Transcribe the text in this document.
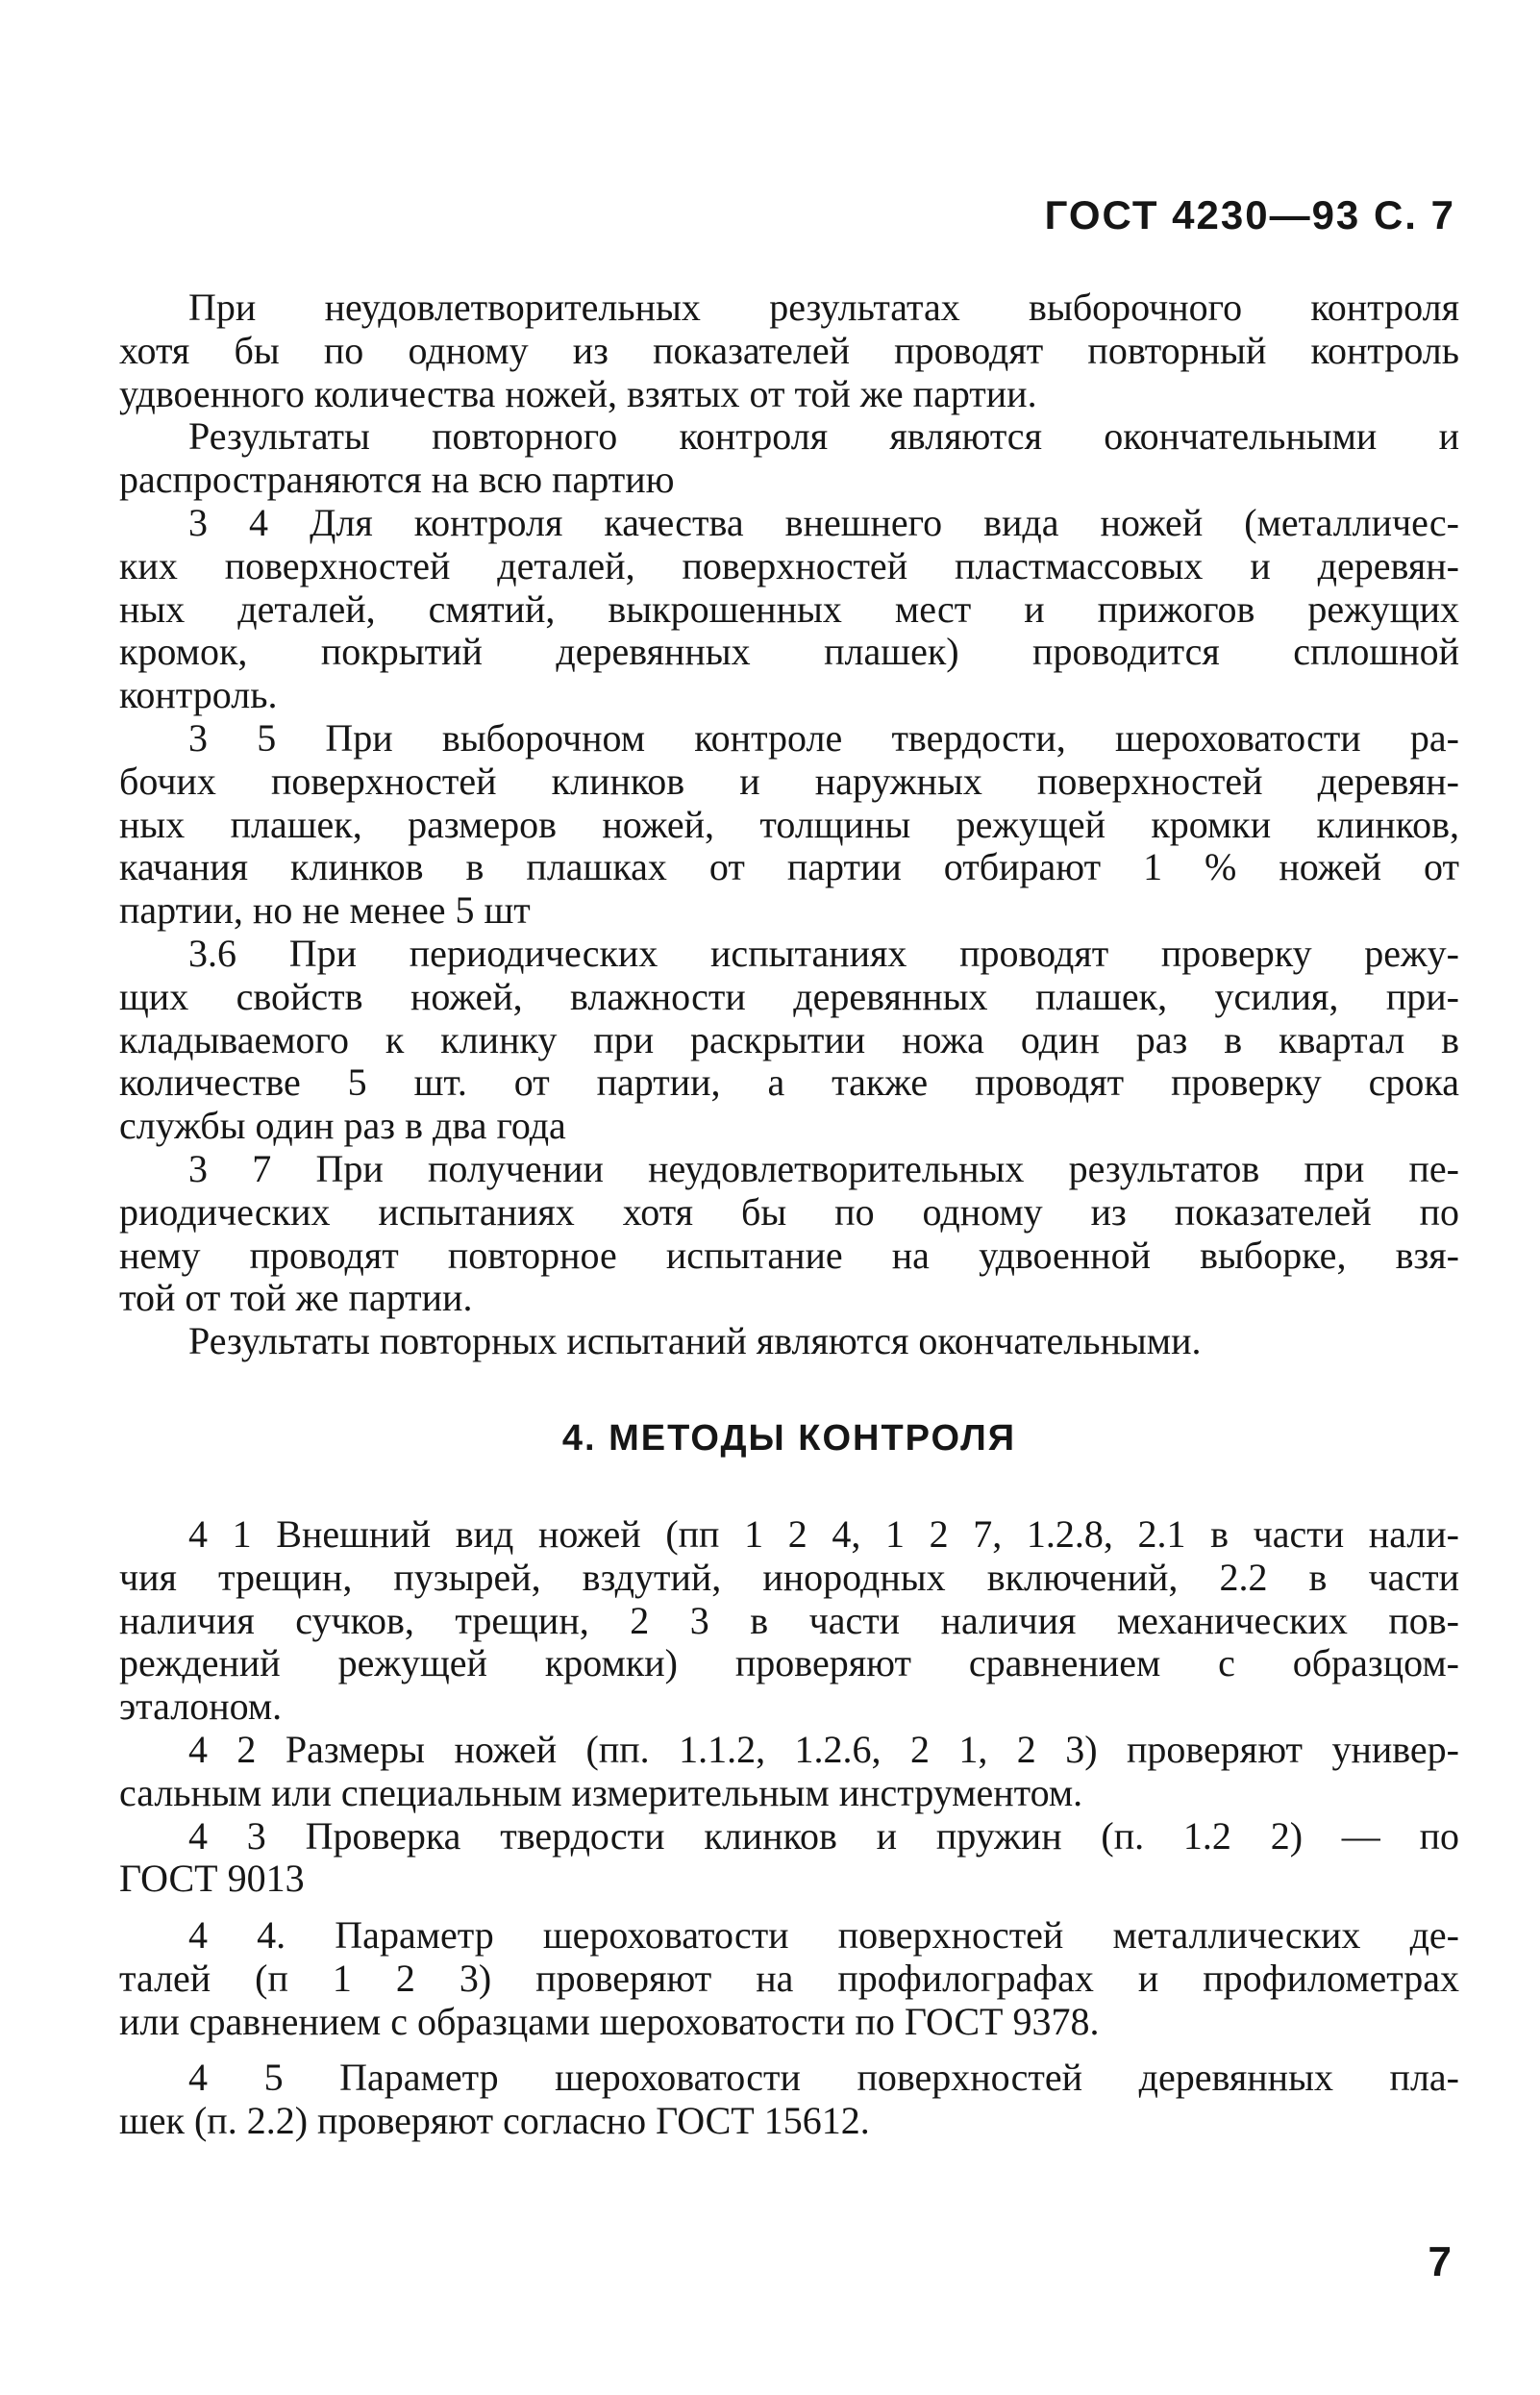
ГОСТ 4230—93 С. 7

При неудовлетворительных результатах выборочного контроля
хотя бы по одному из показателей проводят повторный контроль
удвоенного количества ножей, взятых от той же партии.

Результаты повторного контроля являются окончательными и
распространяются на всю партию

3 4 Для контроля качества внешнего вида ножей (металличес-
ких поверхностей деталей, поверхностей пластмассовых и деревян-
ных деталей, смятий, выкрошенных мест и прижогов режущих
кромок, покрытий деревянных плашек) проводится сплошной
контроль.

3 5 При выборочном контроле твердости, шероховатости ра-
бочих поверхностей клинков и наружных поверхностей деревян-
ных плашек, размеров ножей, толщины режущей кромки клинков,
качания клинков в плашках от партии отбирают 1 % ножей от
партии, но не менее 5 шт

3.6 При периодических испытаниях проводят проверку режу-
щих свойств ножей, влажности деревянных плашек, усилия, при-
кладываемого к клинку при раскрытии ножа один раз в квартал в
количестве 5 шт. от партии, а также проводят проверку срока
службы один раз в два года

3 7 При получении неудовлетворительных результатов при пе-
риодических испытаниях хотя бы по одному из показателей по
нему проводят повторное испытание на удвоенной выборке, взя-
той от той же партии.

Результаты повторных испытаний являются окончательными.

4. МЕТОДЫ КОНТРОЛЯ

4 1 Внешний вид ножей (пп 1 2 4, 1 2 7, 1.2.8, 2.1 в части нали-
чия трещин, пузырей, вздутий, инородных включений, 2.2 в части
наличия сучков, трещин, 2 3 в части наличия механических пов-
реждений режущей кромки) проверяют сравнением с образцом-
эталоном.

4 2 Размеры ножей (пп. 1.1.2, 1.2.6, 2 1, 2 3) проверяют универ-
сальным или специальным измерительным инструментом.

4 3 Проверка твердости клинков и пружин (п. 1.2 2) — по
ГОСТ 9013

4 4. Параметр шероховатости поверхностей металлических де-
талей (п 1 2 3) проверяют на профилографах и профилометрах
или сравнением с образцами шероховатости по ГОСТ 9378.

4 5 Параметр шероховатости поверхностей деревянных пла-
шек (п. 2.2) проверяют согласно ГОСТ 15612.

7
